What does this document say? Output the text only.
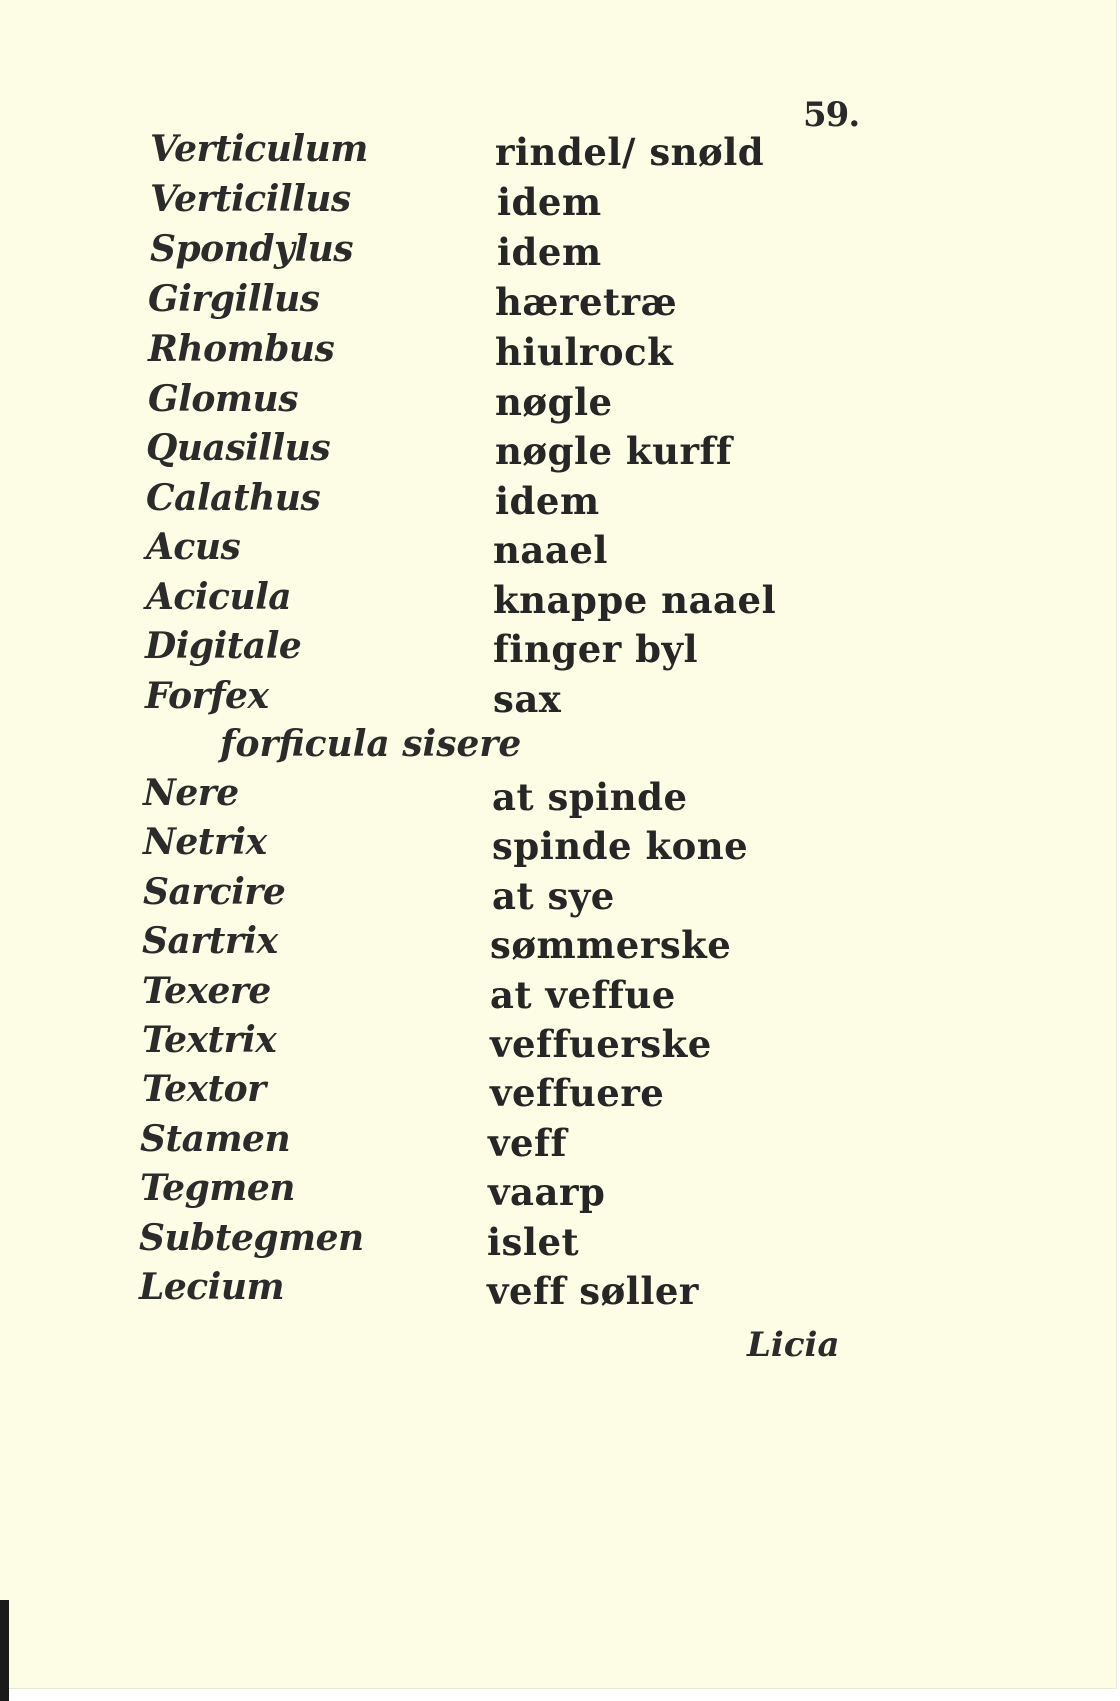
59.
Verticulum	rindel/ snøld
Verticillus	idem
Spondylus	idem
Girgillus	hæretræ
Rhombus	hiulrock
Glomus	nøgle
Quasillus	nøgle kurff
Calathus	idem
Acus	naael
Acicula	knappe naael
Digitale	finger byl
Forfex	sax
forficula sisere
Nere	at spinde
Netrix	spinde kone
Sarcire	at sye
Sartrix	sømmerske
Texere	at veffue
Textrix	veffuerske
Textor	veffuere
Stamen	veff
Tegmen	vaarp
Subtegmen	islet
Lecium	veff søller
Licia
